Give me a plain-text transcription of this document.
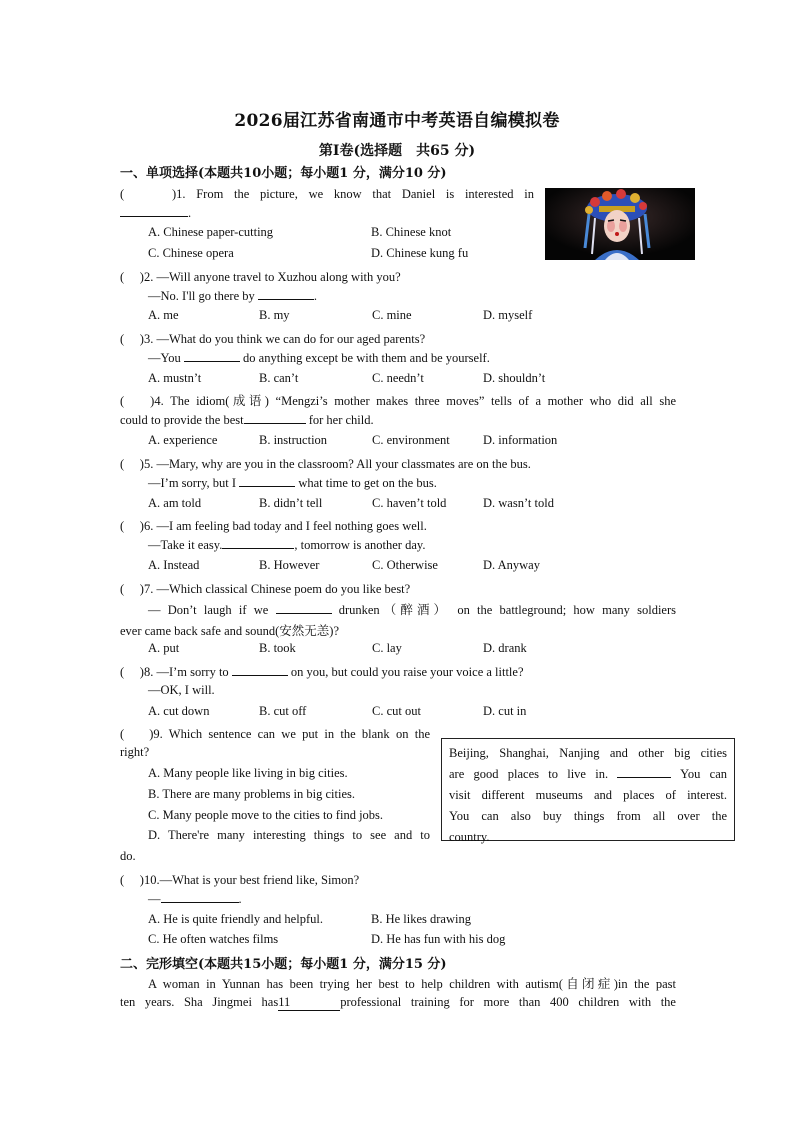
2026届江苏省南通市中考英语自编模拟卷
第I卷(选择题　共65 分)
一、单项选择(本题共10小题；每小题1 分，满分10 分)
(　　)1. From the picture, we know that Daniel is interested in
.
A. Chinese paper-cutting	B. Chinese knot
C. Chinese opera	D. Chinese kung fu
(　 )2. —Will anyone travel to Xuzhou along with you?
—No. I'll go there by	.
A. me	B. my	C. mine	D. myself
(　 )3. —What do you think we can do for our aged parents?
—You	do anything except be with them and be yourself.
A. mustn’t	B. can’t	C. needn’t	D. shouldn’t
(　 )4. The idiom(成语) “Mengzi’s mother makes three moves” tells of a mother who did all she
could to provide the best	for her child.
A. experience	B. instruction	C. environment	D. information
(　 )5. —Mary, why are you in the classroom? All your classmates are on the bus.
—I’m sorry, but I	what time to get on the bus.
A. am told	B. didn’t tell	C. haven’t told	D. wasn’t told
(　 )6. —I am feeling bad today and I feel nothing goes well.
—Take it easy.	, tomorrow is another day.
A. Instead	B. However	C. Otherwise	D. Anyway
(　 )7. —Which classical Chinese poem do you like best?
— Don’t laugh if we	drunken（醉酒） on the battleground; how many soldiers
ever came back safe and sound(安然无恙)?
A. put	B. took	C. lay	D. drank
(　 )8. —I’m sorry to	on you, but could you raise your voice a little?
—OK, I will.
A. cut down	B. cut off	C. cut out	D. cut in
(　 )9. Which sentence can we put in the blank on the
right?
A. Many people like living in big cities.
B. There are many problems in big cities.
C. Many people move to the cities to find jobs.
D. There're many interesting things to see and to
do.
Beijing, Shanghai, Nanjing and other big cities
are good places to live in.	You can
visit different museums and places of interest.
You can also buy things from all over the
country.
(　 )10.—What is your best friend like, Simon?
—	.
A. He is quite friendly and helpful.	B. He likes drawing
C. He often watches films	D. He has fun with his dog
二、完形填空(本题共15小题；每小题1 分，满分15 分)
A woman in Yunnan has been trying her best to help children with autism(自闭症)in the past
ten years. Sha Jingmei has11	professional training for more than 400 children with the
